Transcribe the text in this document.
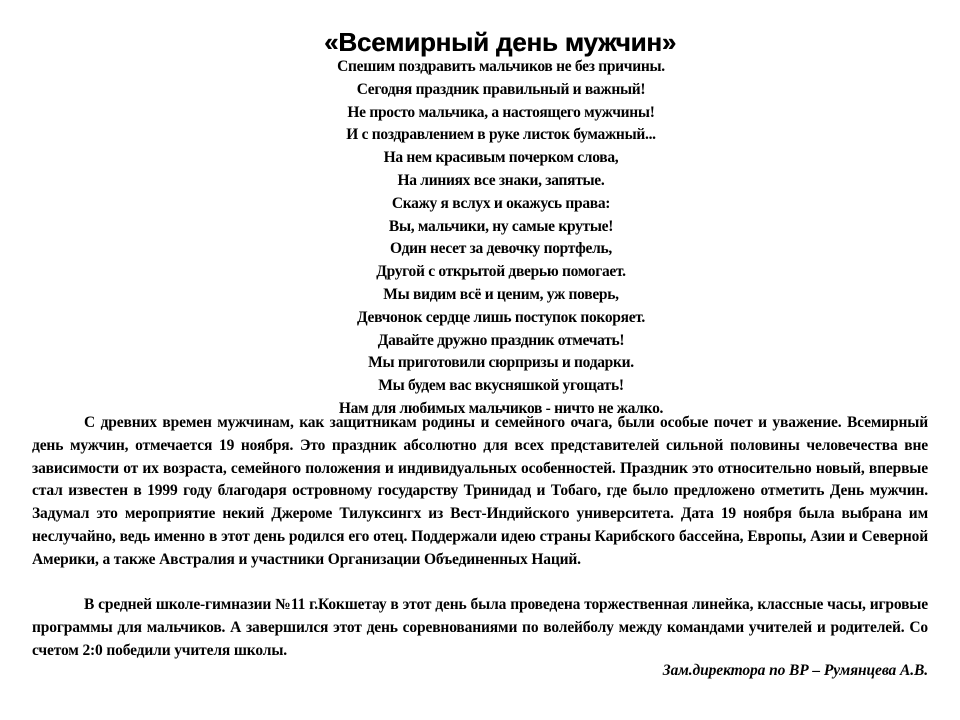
«Всемирный день мужчин»
Спешим поздравить мальчиков не без причины.
Сегодня праздник правильный и важный!
Не просто мальчика, а настоящего мужчины!
И с поздравлением в руке листок бумажный...
На нем красивым почерком слова,
На линиях все знаки, запятые.
Скажу я вслух и окажусь права:
Вы, мальчики, ну самые крутые!
Один несет за девочку портфель,
Другой с открытой дверью помогает.
Мы видим всё и ценим, уж поверь,
Девчонок сердце лишь поступок покоряет.
Давайте дружно праздник отмечать!
Мы приготовили сюрпризы и подарки.
Мы будем вас вкусняшкой угощать!
Нам для любимых мальчиков - ничто не жалко.

С древних времен мужчинам, как защитникам родины и семейного очага, были особые почет и уважение. Всемирный день мужчин, отмечается 19 ноября. Это праздник абсолютно для всех представителей сильной половины человечества вне зависимости от их возраста, семейного положения и индивидуальных особенностей. Праздник это относительно новый, впервые стал известен в 1999 году благодаря островному государству Тринидад и Тобаго, где было предложено отметить День мужчин. Задумал это мероприятие некий Джероме Тилуксингх из Вест-Индийского университета. Дата 19 ноября была выбрана им неслучайно, ведь именно в этот день родился его отец. Поддержали идею страны Карибского бассейна, Европы, Азии и Северной Америки, а также Австралия и участники Организации Объединенных Наций.

В средней школе-гимназии №11 г.Кокшетау в этот день была проведена торжественная линейка, классные часы, игровые программы для мальчиков. А завершился этот день соревнованиями по волейболу между командами учителей и родителей. Со счетом 2:0 победили учителя школы.

Зам.директора по ВР – Румянцева А.В.
